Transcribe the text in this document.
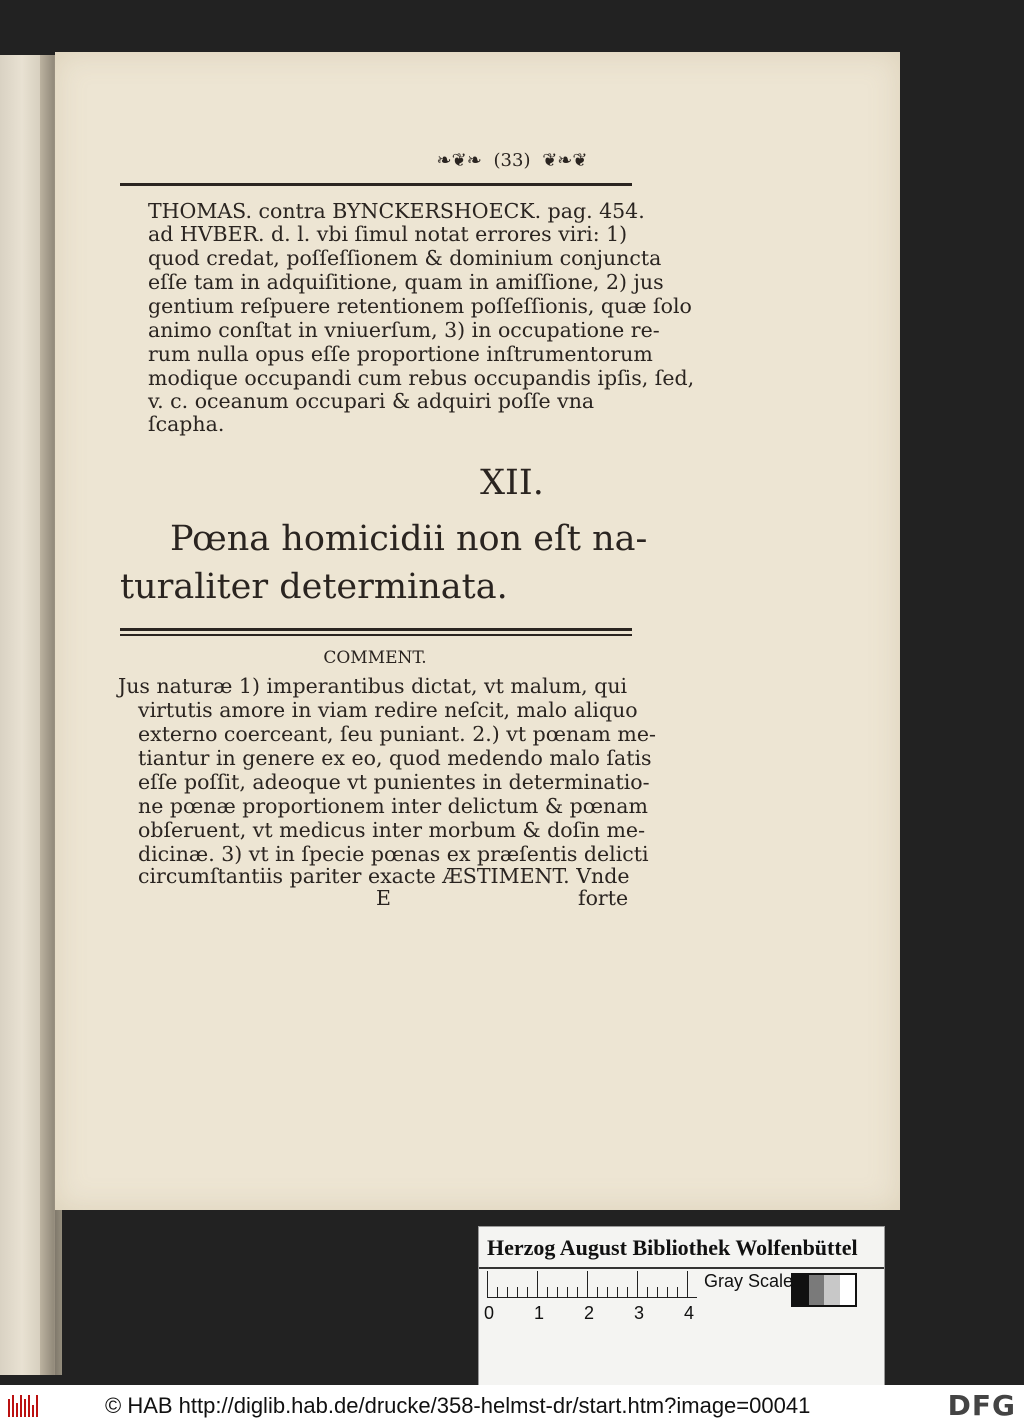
❧❦❧ (33) ❦❧❦
THOMAS. contra BYNCKERSHOECK. pag. 454.
ad HVBER. d. l. vbi ſimul notat errores viri: 1)
quod credat, poſſeſſionem & dominium conjuncta
eſſe tam in adquiſitione, quam in amiſſione, 2) jus
gentium reſpuere retentionem poſſeſſionis, quæ ſolo
animo conſtat in vniuerſum, 3) in occupatione re-
rum nulla opus eſſe proportione inſtrumentorum
modique occupandi cum rebus occupandis ipſis, ſed,
v. c. oceanum occupari & adquiri poſſe vna
ſcapha.
XII.
Pœna homicidii non eſt na-
turaliter determinata.
COMMENT.
Jus naturæ 1) imperantibus dictat, vt malum, qui
virtutis amore in viam redire neſcit, malo aliquo
externo coerceant, ſeu puniant. 2.) vt pœnam me-
tiantur in genere ex eo, quod medendo malo ſatis
eſſe poſſit, adeoque vt punientes in determinatio-
ne pœnæ proportionem inter delictum & pœnam
obſeruent, vt medicus inter morbum & doſin me-
dicinæ. 3) vt in ſpecie pœnas ex præſentis delicti
circumſtantiis pariter exacte ÆSTIMENT. Vnde
E	forte
Herzog August Bibliothek Wolfenbüttel
0 1 2 3 4
Gray Scale
© HAB http://diglib.hab.de/drucke/358-helmst-dr/start.htm?image=00041	DFG
